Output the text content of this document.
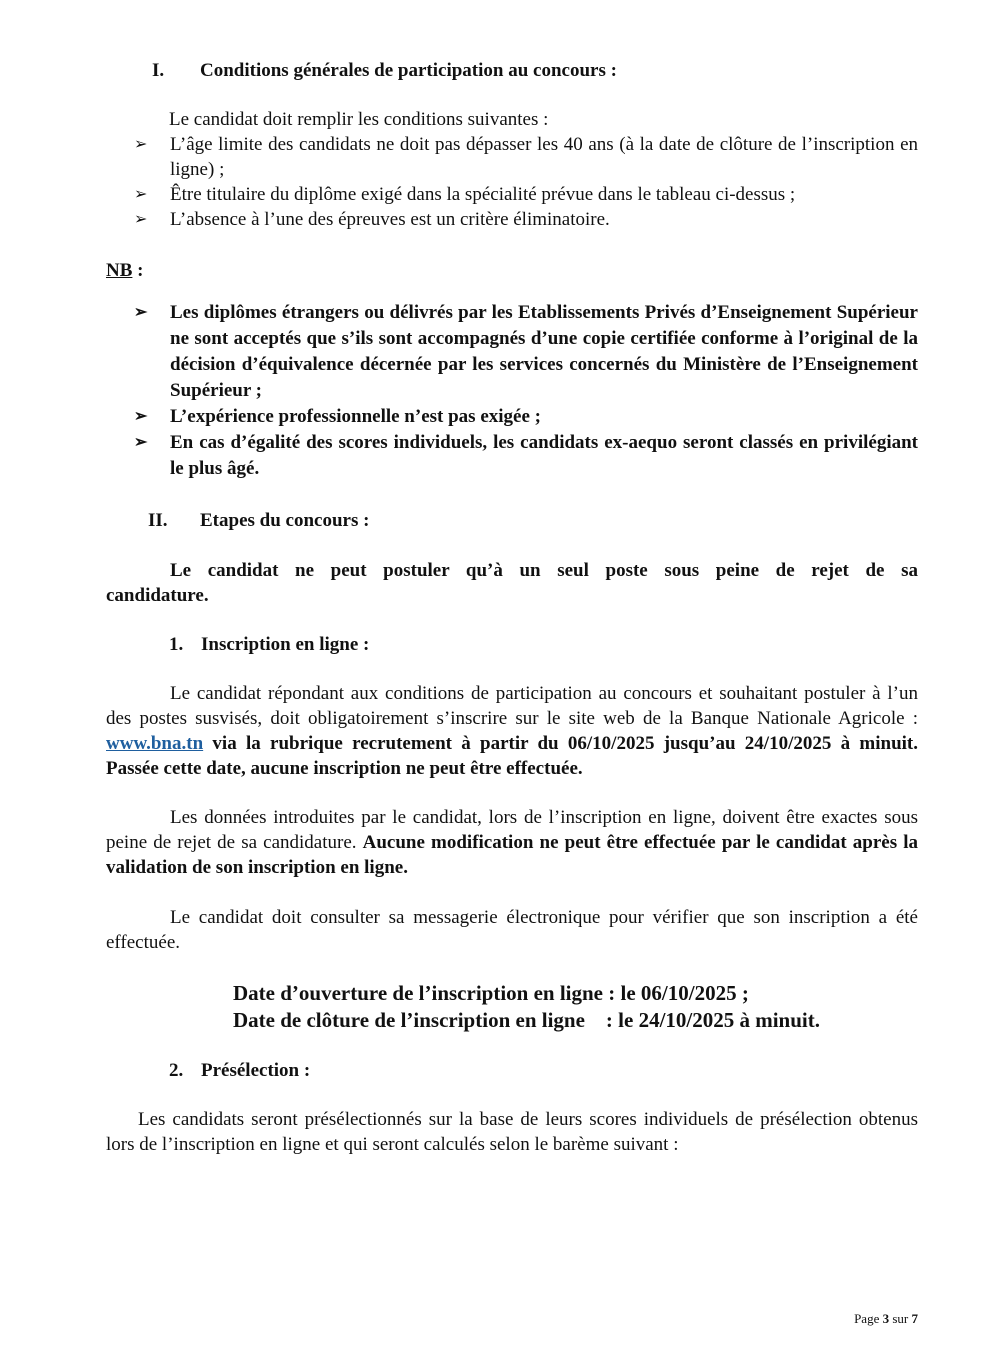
I. Conditions générales de participation au concours :
Le candidat doit remplir les conditions suivantes :
➢ L’âge limite des candidats ne doit pas dépasser les 40 ans (à la date de clôture de l’inscription en ligne) ;
➢ Être titulaire du diplôme exigé dans la spécialité prévue dans le tableau ci-dessus ;
➢ L’absence à l’une des épreuves est un critère éliminatoire.
NB :
➢ Les diplômes étrangers ou délivrés par les Etablissements Privés d’Enseignement Supérieur ne sont acceptés que s’ils sont accompagnés d’une copie certifiée conforme à l’original de la décision d’équivalence décernée par les services concernés du Ministère de l’Enseignement Supérieur ;
➢ L’expérience professionnelle n’est pas exigée ;
➢ En cas d’égalité des scores individuels, les candidats ex-aequo seront classés en privilégiant le plus âgé.
II. Etapes du concours :
Le candidat ne peut postuler qu’à un seul poste sous peine de rejet de sa candidature.
1. Inscription en ligne :
Le candidat répondant aux conditions de participation au concours et souhaitant postuler à l’un des postes susvisés, doit obligatoirement s’inscrire sur le site web de la Banque Nationale Agricole : www.bna.tn via la rubrique recrutement à partir du 06/10/2025 jusqu’au 24/10/2025 à minuit. Passée cette date, aucune inscription ne peut être effectuée.
Les données introduites par le candidat, lors de l’inscription en ligne, doivent être exactes sous peine de rejet de sa candidature. Aucune modification ne peut être effectuée par le candidat après la validation de son inscription en ligne.
Le candidat doit consulter sa messagerie électronique pour vérifier que son inscription a été effectuée.
Date d’ouverture de l’inscription en ligne : le 06/10/2025 ;
Date de clôture de l’inscription en ligne    : le 24/10/2025 à minuit.
2. Présélection :
Les candidats seront présélectionnés sur la base de leurs scores individuels de présélection obtenus lors de l’inscription en ligne et qui seront calculés selon le barème suivant :
Page 3 sur 7
